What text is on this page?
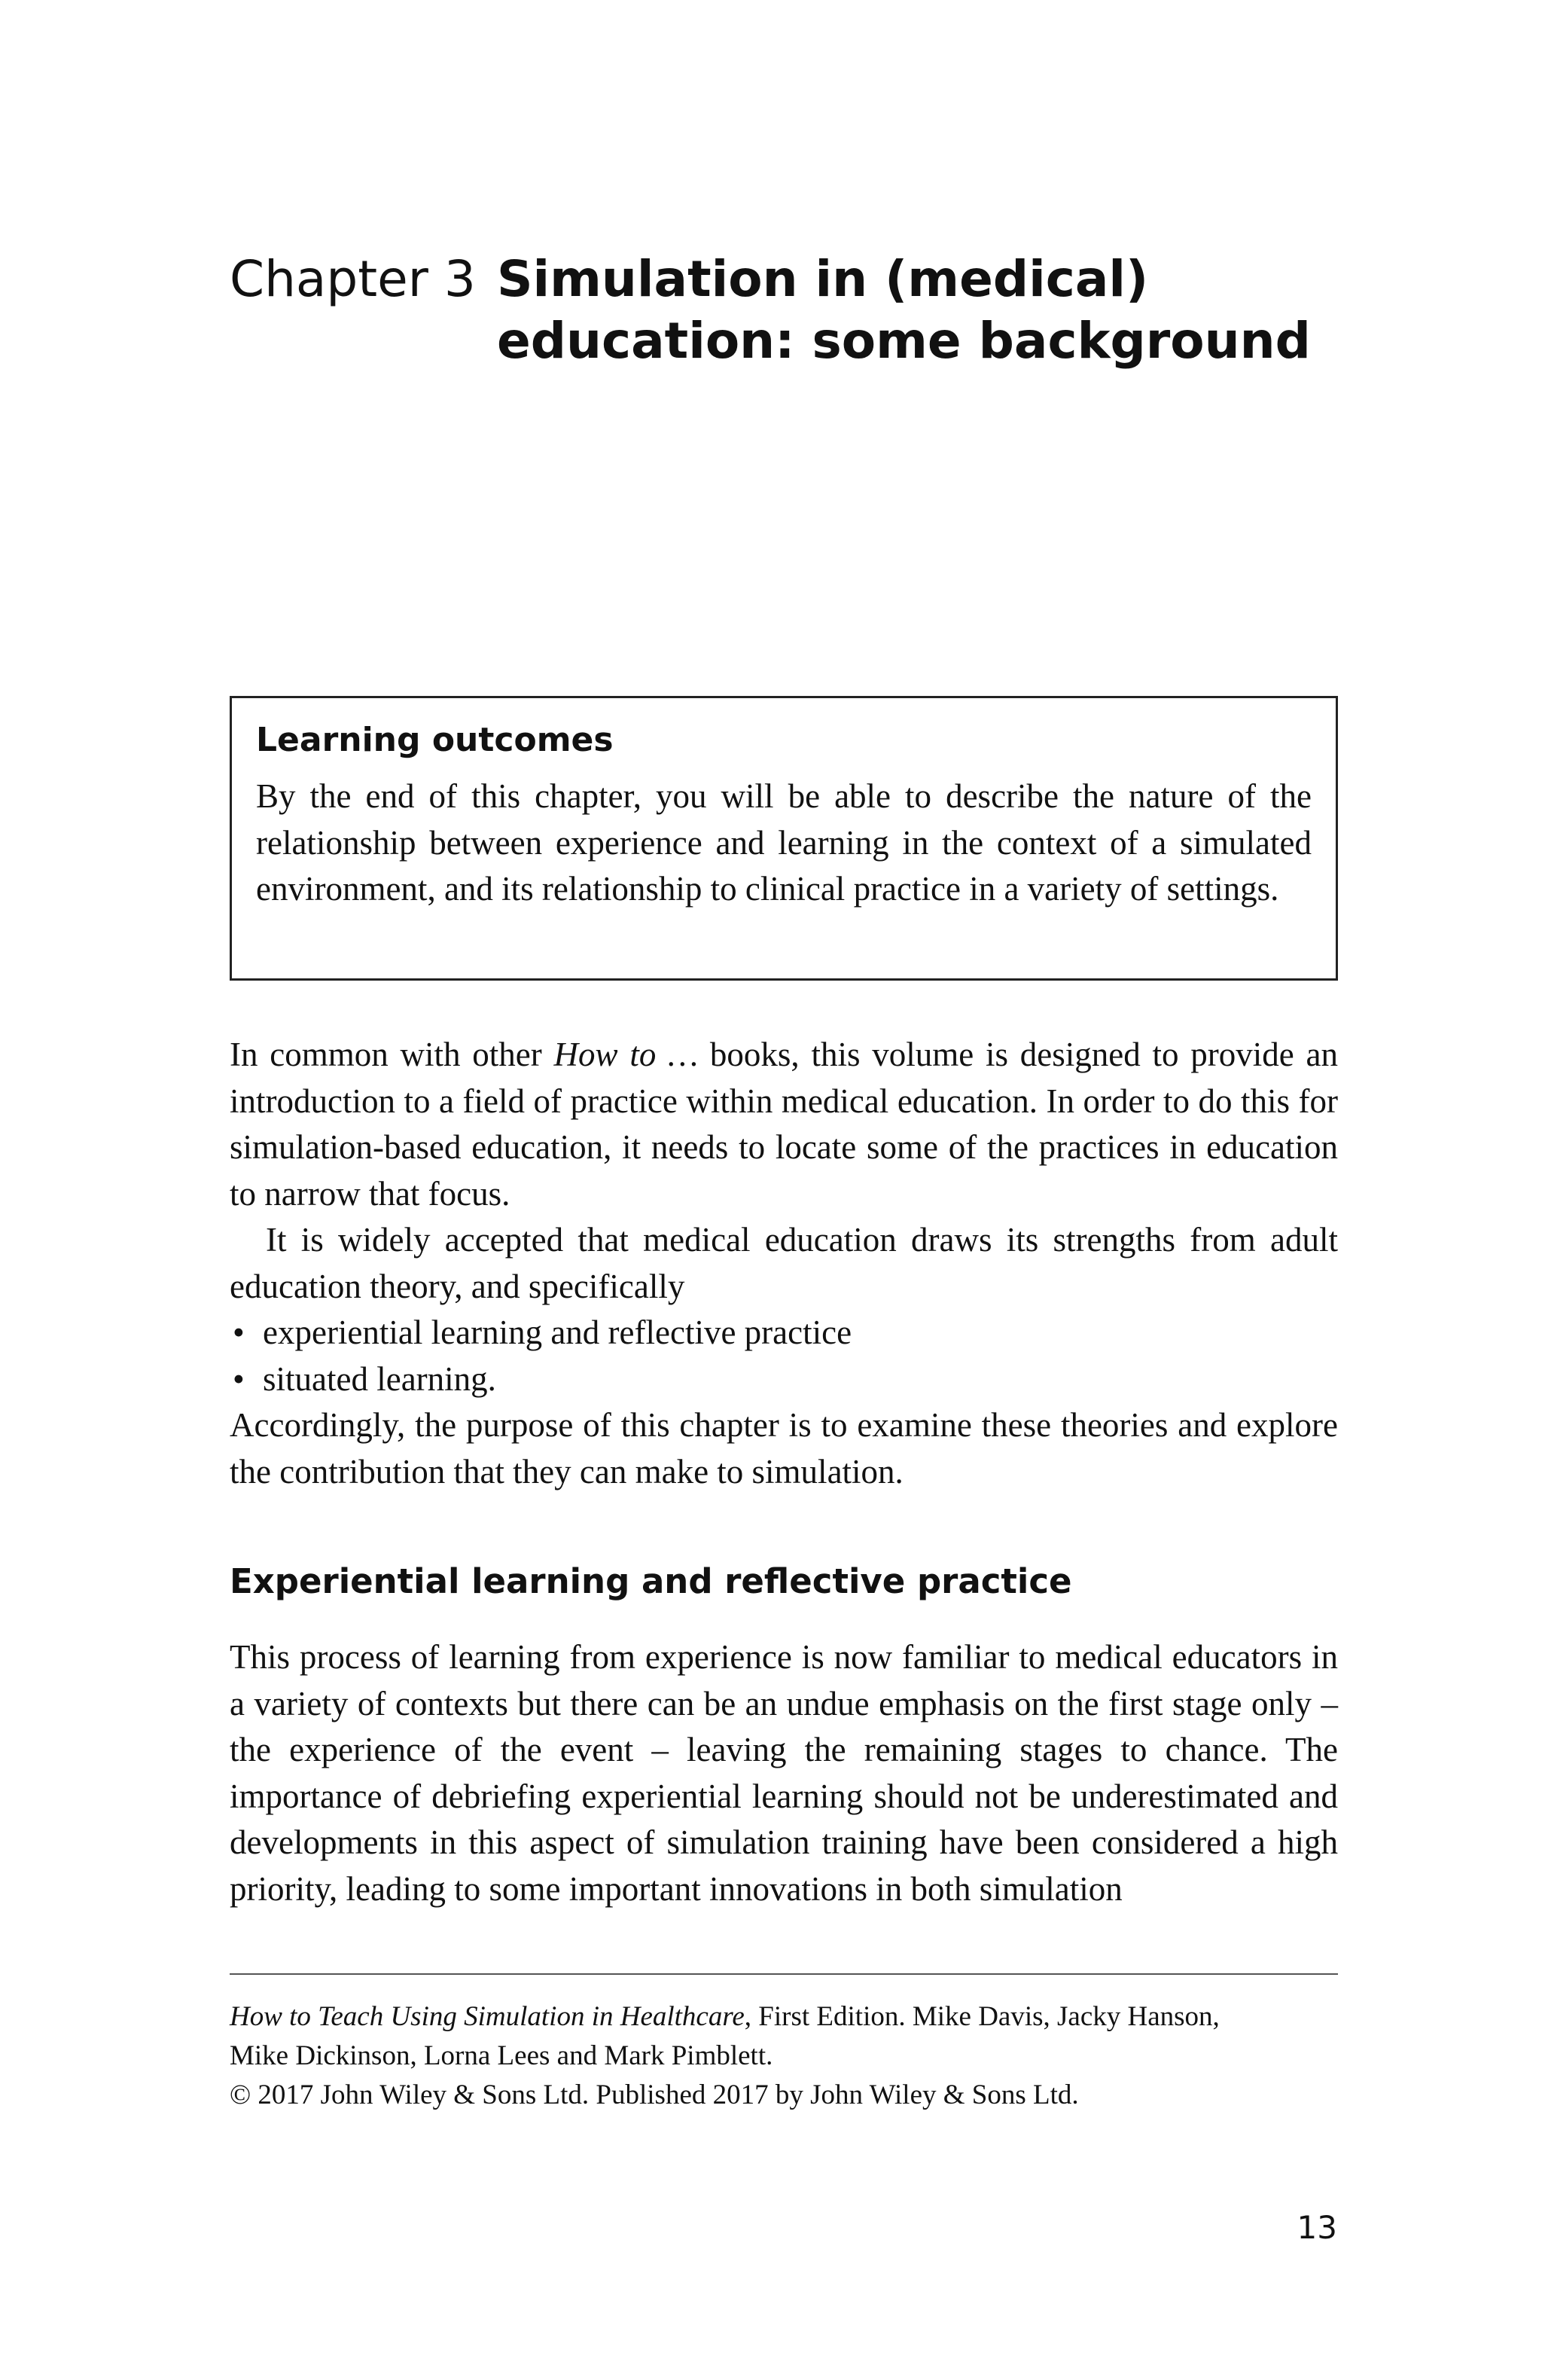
Chapter 3 Simulation in (medical) education: some background
Learning outcomes

By the end of this chapter, you will be able to describe the nature of the relationship between experience and learning in the context of a simulated environment, and its relationship to clinical practice in a variety of settings.

In common with other How to … books, this volume is designed to provide an introduction to a field of practice within medical education. In order to do this for simulation-based education, it needs to locate some of the practices in education to narrow that focus.

It is widely accepted that medical education draws its strengths from adult education theory, and specifically

• experiential learning and reflective practice
• situated learning.

Accordingly, the purpose of this chapter is to examine these theories and explore the contribution that they can make to simulation.

Experiential learning and reflective practice

This process of learning from experience is now familiar to medical educators in a variety of contexts but there can be an undue emphasis on the first stage only – the experience of the event – leaving the remaining stages to chance. The importance of debriefing experiential learning should not be underestimated and developments in this aspect of simulation training have been considered a high priority, leading to some important innovations in both simulation

How to Teach Using Simulation in Healthcare, First Edition. Mike Davis, Jacky Hanson,

Mike Dickinson, Lorna Lees and Mark Pimblett.

© 2017 John Wiley & Sons Ltd. Published 2017 by John Wiley & Sons Ltd.

13
